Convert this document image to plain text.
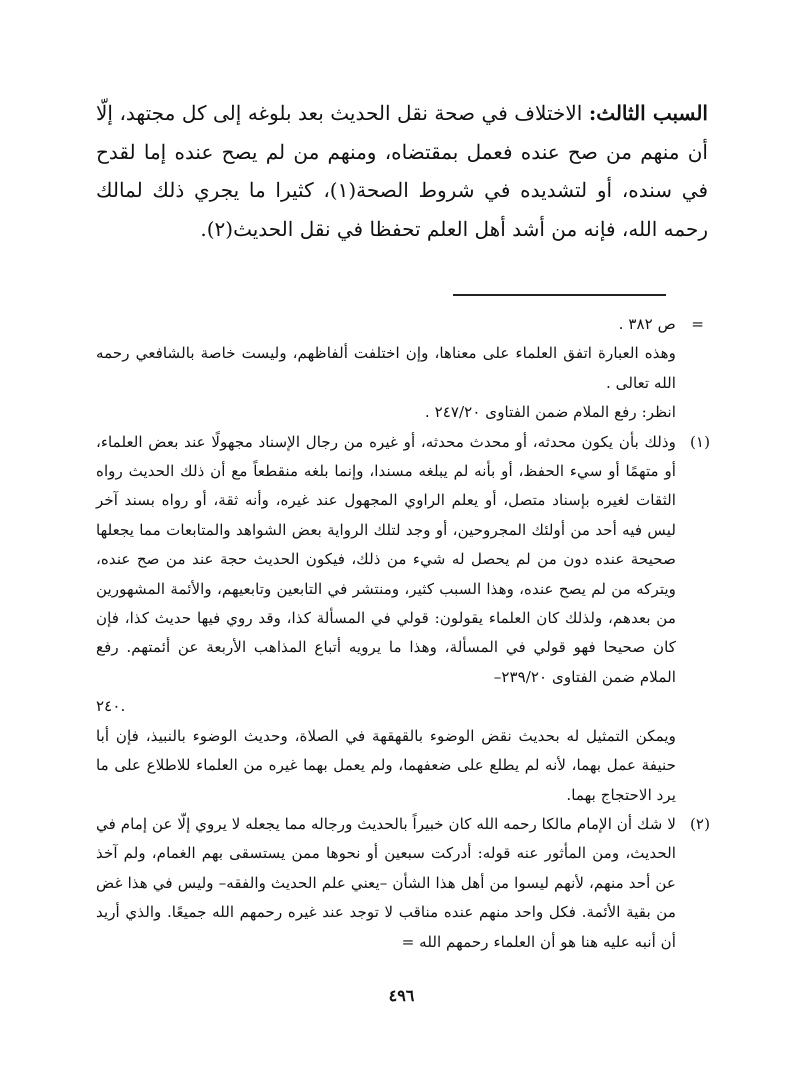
السبب الثالث: الاختلاف في صحة نقل الحديث بعد بلوغه إلى كل مجتهد، إلّا أن منهم من صح عنده فعمل بمقتضاه، ومنهم من لم يصح عنده إما لقدح في سنده، أو لتشديده في شروط الصحة(١)، كثيرا ما يجري ذلك لمالك رحمه الله، فإنه من أشد أهل العلم تحفظا في نقل الحديث(٢).

=

ص ٣٨٢ .

وهذه العبارة اتفق العلماء على معناها، وإن اختلفت ألفاظهم، وليست خاصة بالشافعي رحمه الله تعالى .

انظر: رفع الملام ضمن الفتاوى ٢٤٧/٢٠ .

(١)

وذلك بأن يكون محدثه، أو محدث محدثه، أو غيره من رجال الإسناد مجهولًا عند بعض العلماء، أو متهمًا أو سيء الحفظ، أو بأنه لم يبلغه مسندا، وإنما بلغه منقطعاً مع أن ذلك الحديث رواه الثقات لغيره بإسناد متصل، أو يعلم الراوي المجهول عند غيره، وأنه ثقة، أو رواه بسند آخر ليس فيه أحد من أولئك المجروحين، أو وجد لتلك الرواية بعض الشواهد والمتابعات مما يجعلها صحيحة عنده دون من لم يحصل له شيء من ذلك، فيكون الحديث حجة عند من صح عنده، ويتركه من لم يصح عنده، وهذا السبب كثير، ومنتشر في التابعين وتابعيهم، والأئمة المشهورين من بعدهم، ولذلك كان العلماء يقولون: قولي في المسألة كذا، وقد روي فيها حديث كذا، فإن كان صحيحا فهو قولي في المسألة، وهذا ما يرويه أتباع المذاهب الأربعة عن أئمتهم. رفع الملام ضمن الفتاوى ٢٣٩/٢٠–

.٢٤٠

ويمكن التمثيل له بحديث نقض الوضوء بالقهقهة في الصلاة، وحديث الوضوء بالنبيذ، فإن أبا حنيفة عمل بهما، لأنه لم يطلع على ضعفهما، ولم يعمل بهما غيره من العلماء للاطلاع على ما يرد الاحتجاج بهما.

(٢)

لا شك أن الإمام مالكا رحمه الله كان خبيراً بالحديث ورجاله مما يجعله لا يروي إلّا عن إمام في الحديث، ومن المأثور عنه قوله: أدركت سبعين أو نحوها ممن يستسقى بهم الغمام، ولم آخذ عن أحد منهم، لأنهم ليسوا من أهل هذا الشأن –يعني علم الحديث والفقه– وليس في هذا غض من بقية الأئمة. فكل واحد منهم عنده مناقب لا توجد عند غيره رحمهم الله جميعًا. والذي أريد أن أنبه عليه هنا هو أن العلماء رحمهم الله =

٤٩٦
